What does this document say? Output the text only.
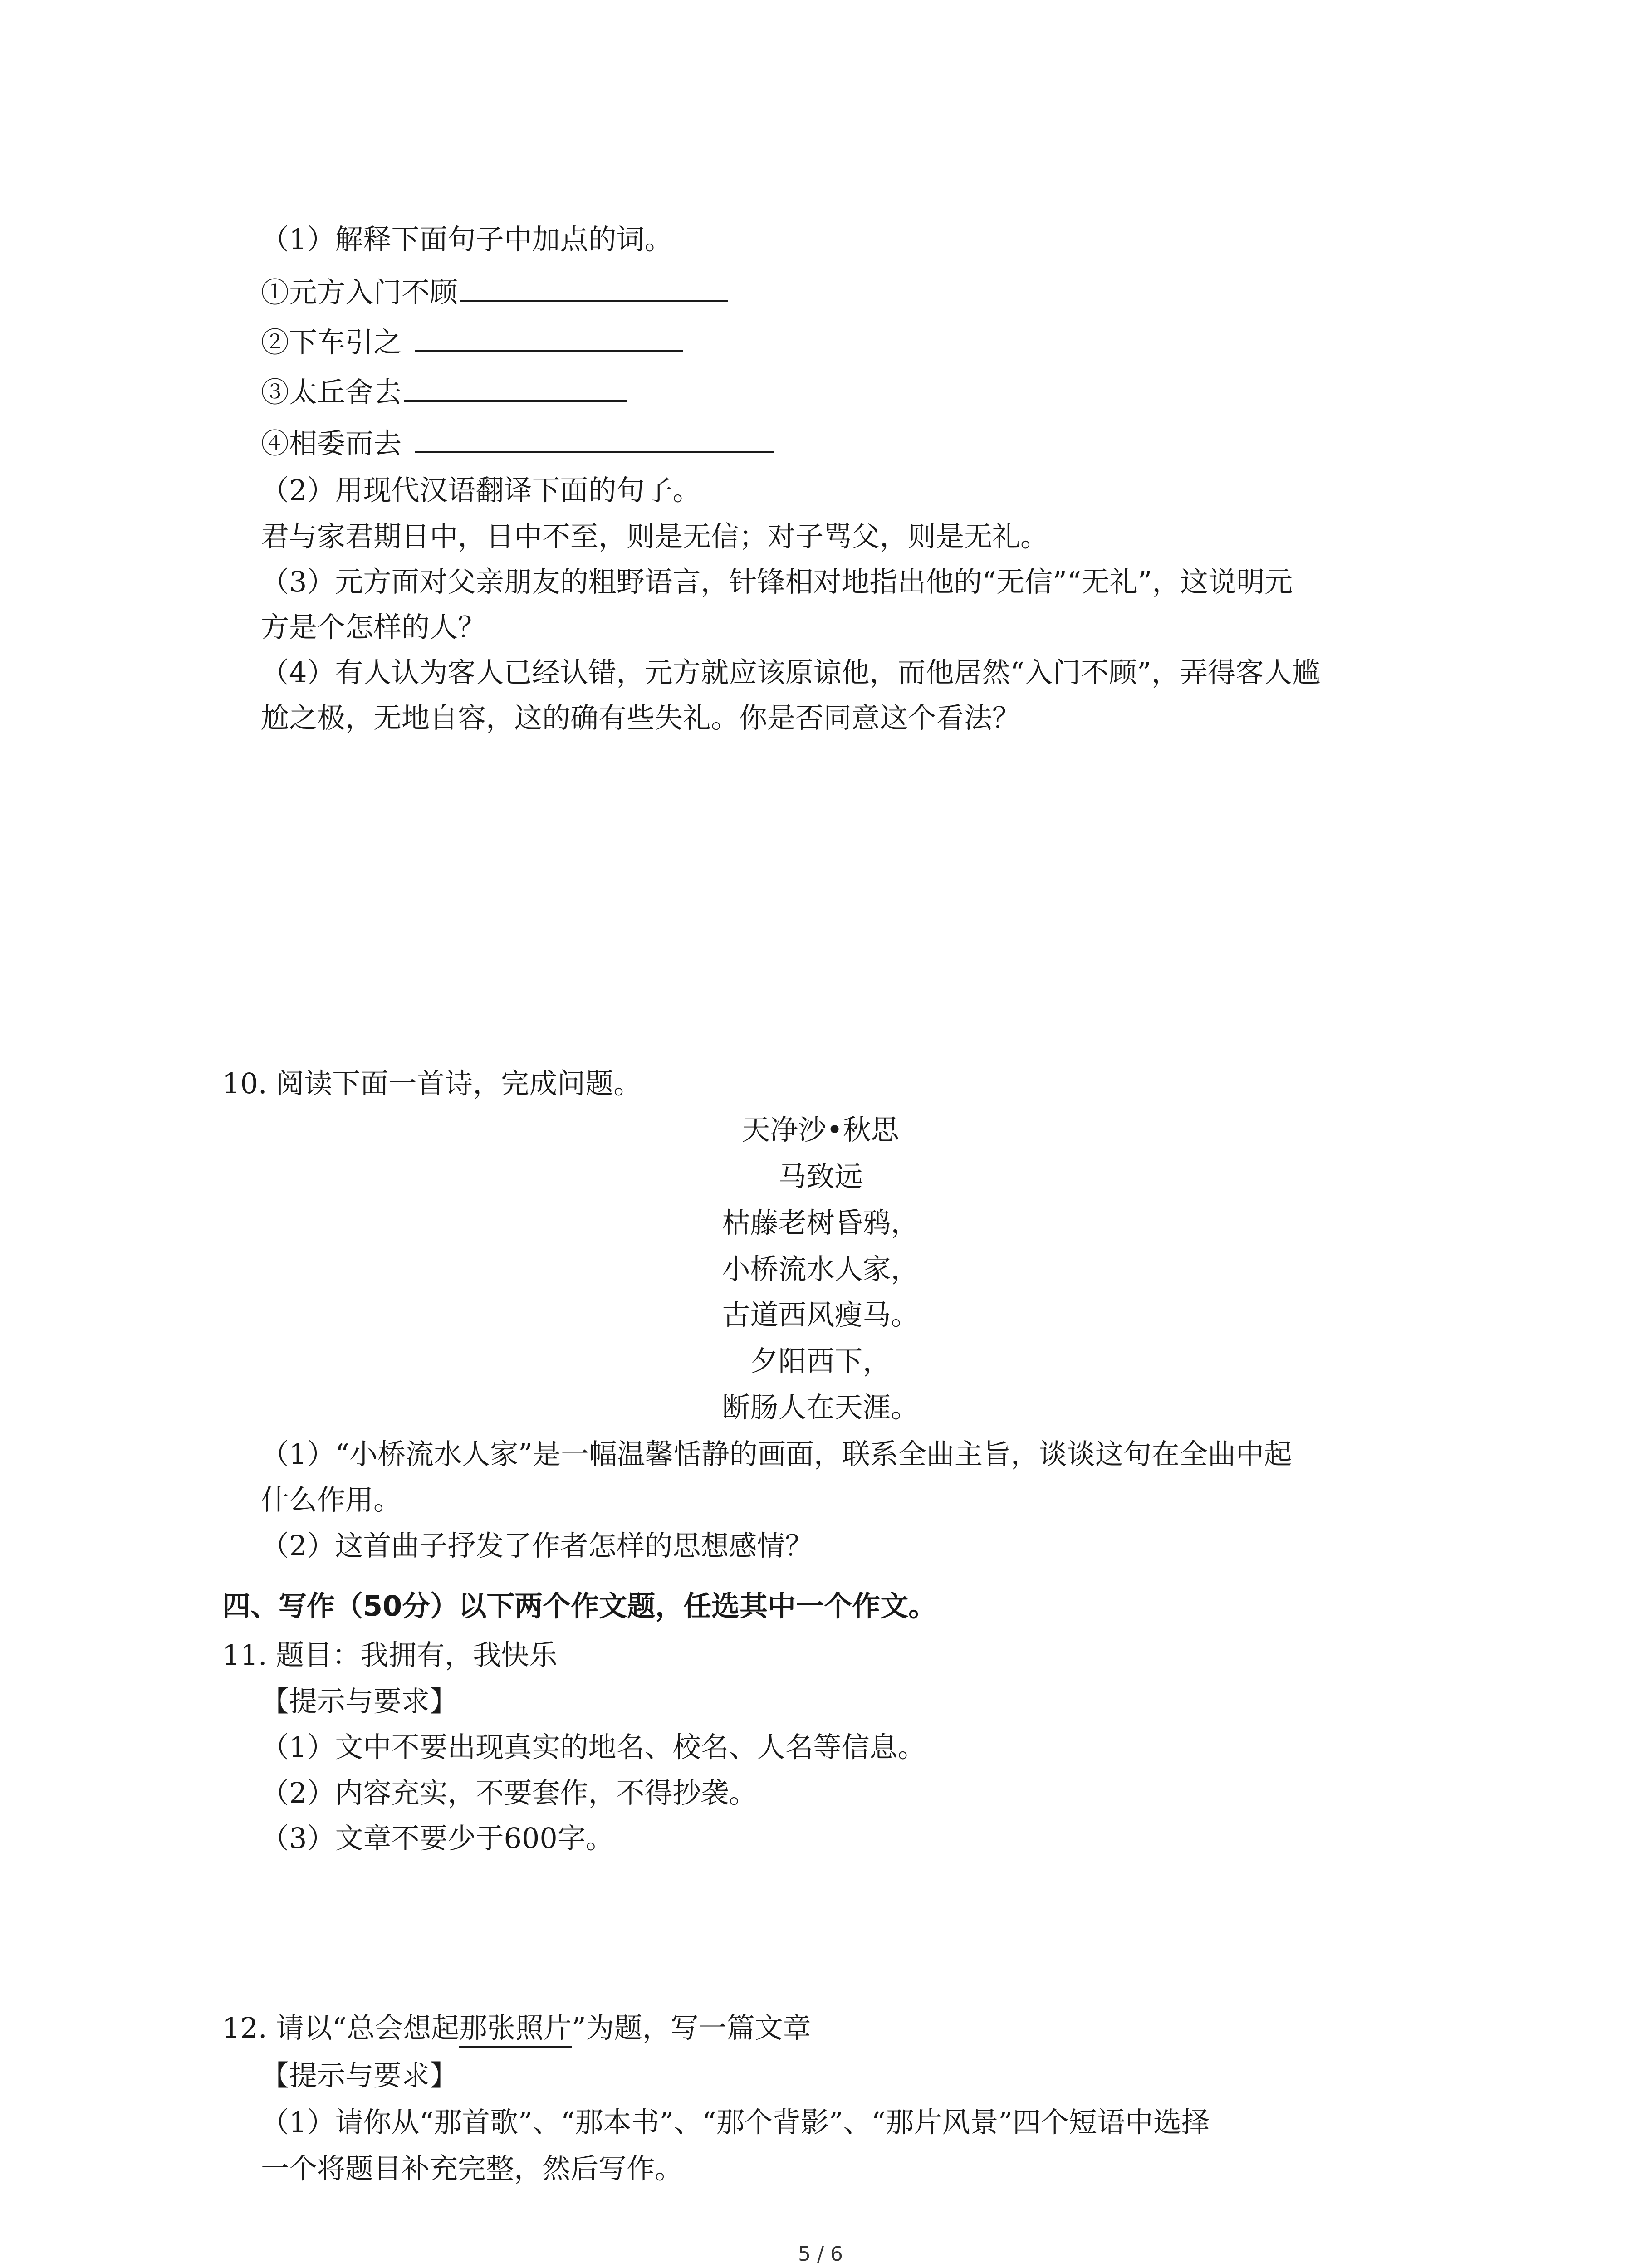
（1）解释下面句子中加点的词。
①元方入门不顾
②下车引之
③太丘舍去
④相委而去
（2）用现代汉语翻译下面的句子。
君与家君期日中，日中不至，则是无信；对子骂父，则是无礼。
（3）元方面对父亲朋友的粗野语言，针锋相对地指出他的“无信”“无礼”，这说明元
方是个怎样的人？
（4）有人认为客人已经认错，元方就应该原谅他，而他居然“入门不顾”，弄得客人尴
尬之极，无地自容，这的确有些失礼。你是否同意这个看法？
10. 阅读下面一首诗，完成问题。
天净沙•秋思
马致远
枯藤老树昏鸦，
小桥流水人家，
古道西风瘦马。
夕阳西下，
断肠人在天涯。
（1）“小桥流水人家”是一幅温馨恬静的画面，联系全曲主旨，谈谈这句在全曲中起
什么作用。
（2）这首曲子抒发了作者怎样的思想感情？
四、写作（50分）以下两个作文题，任选其中一个作文。
11. 题目：我拥有，我快乐
【提示与要求】
（1）文中不要出现真实的地名、校名、人名等信息。
（2）内容充实，不要套作，不得抄袭。
（3）文章不要少于600字。
12. 请以“总会想起那张照片”为题，写一篇文章
【提示与要求】
（1）请你从“那首歌”、“那本书”、“那个背影”、“那片风景”四个短语中选择
一个将题目补充完整，然后写作。
5 / 6
